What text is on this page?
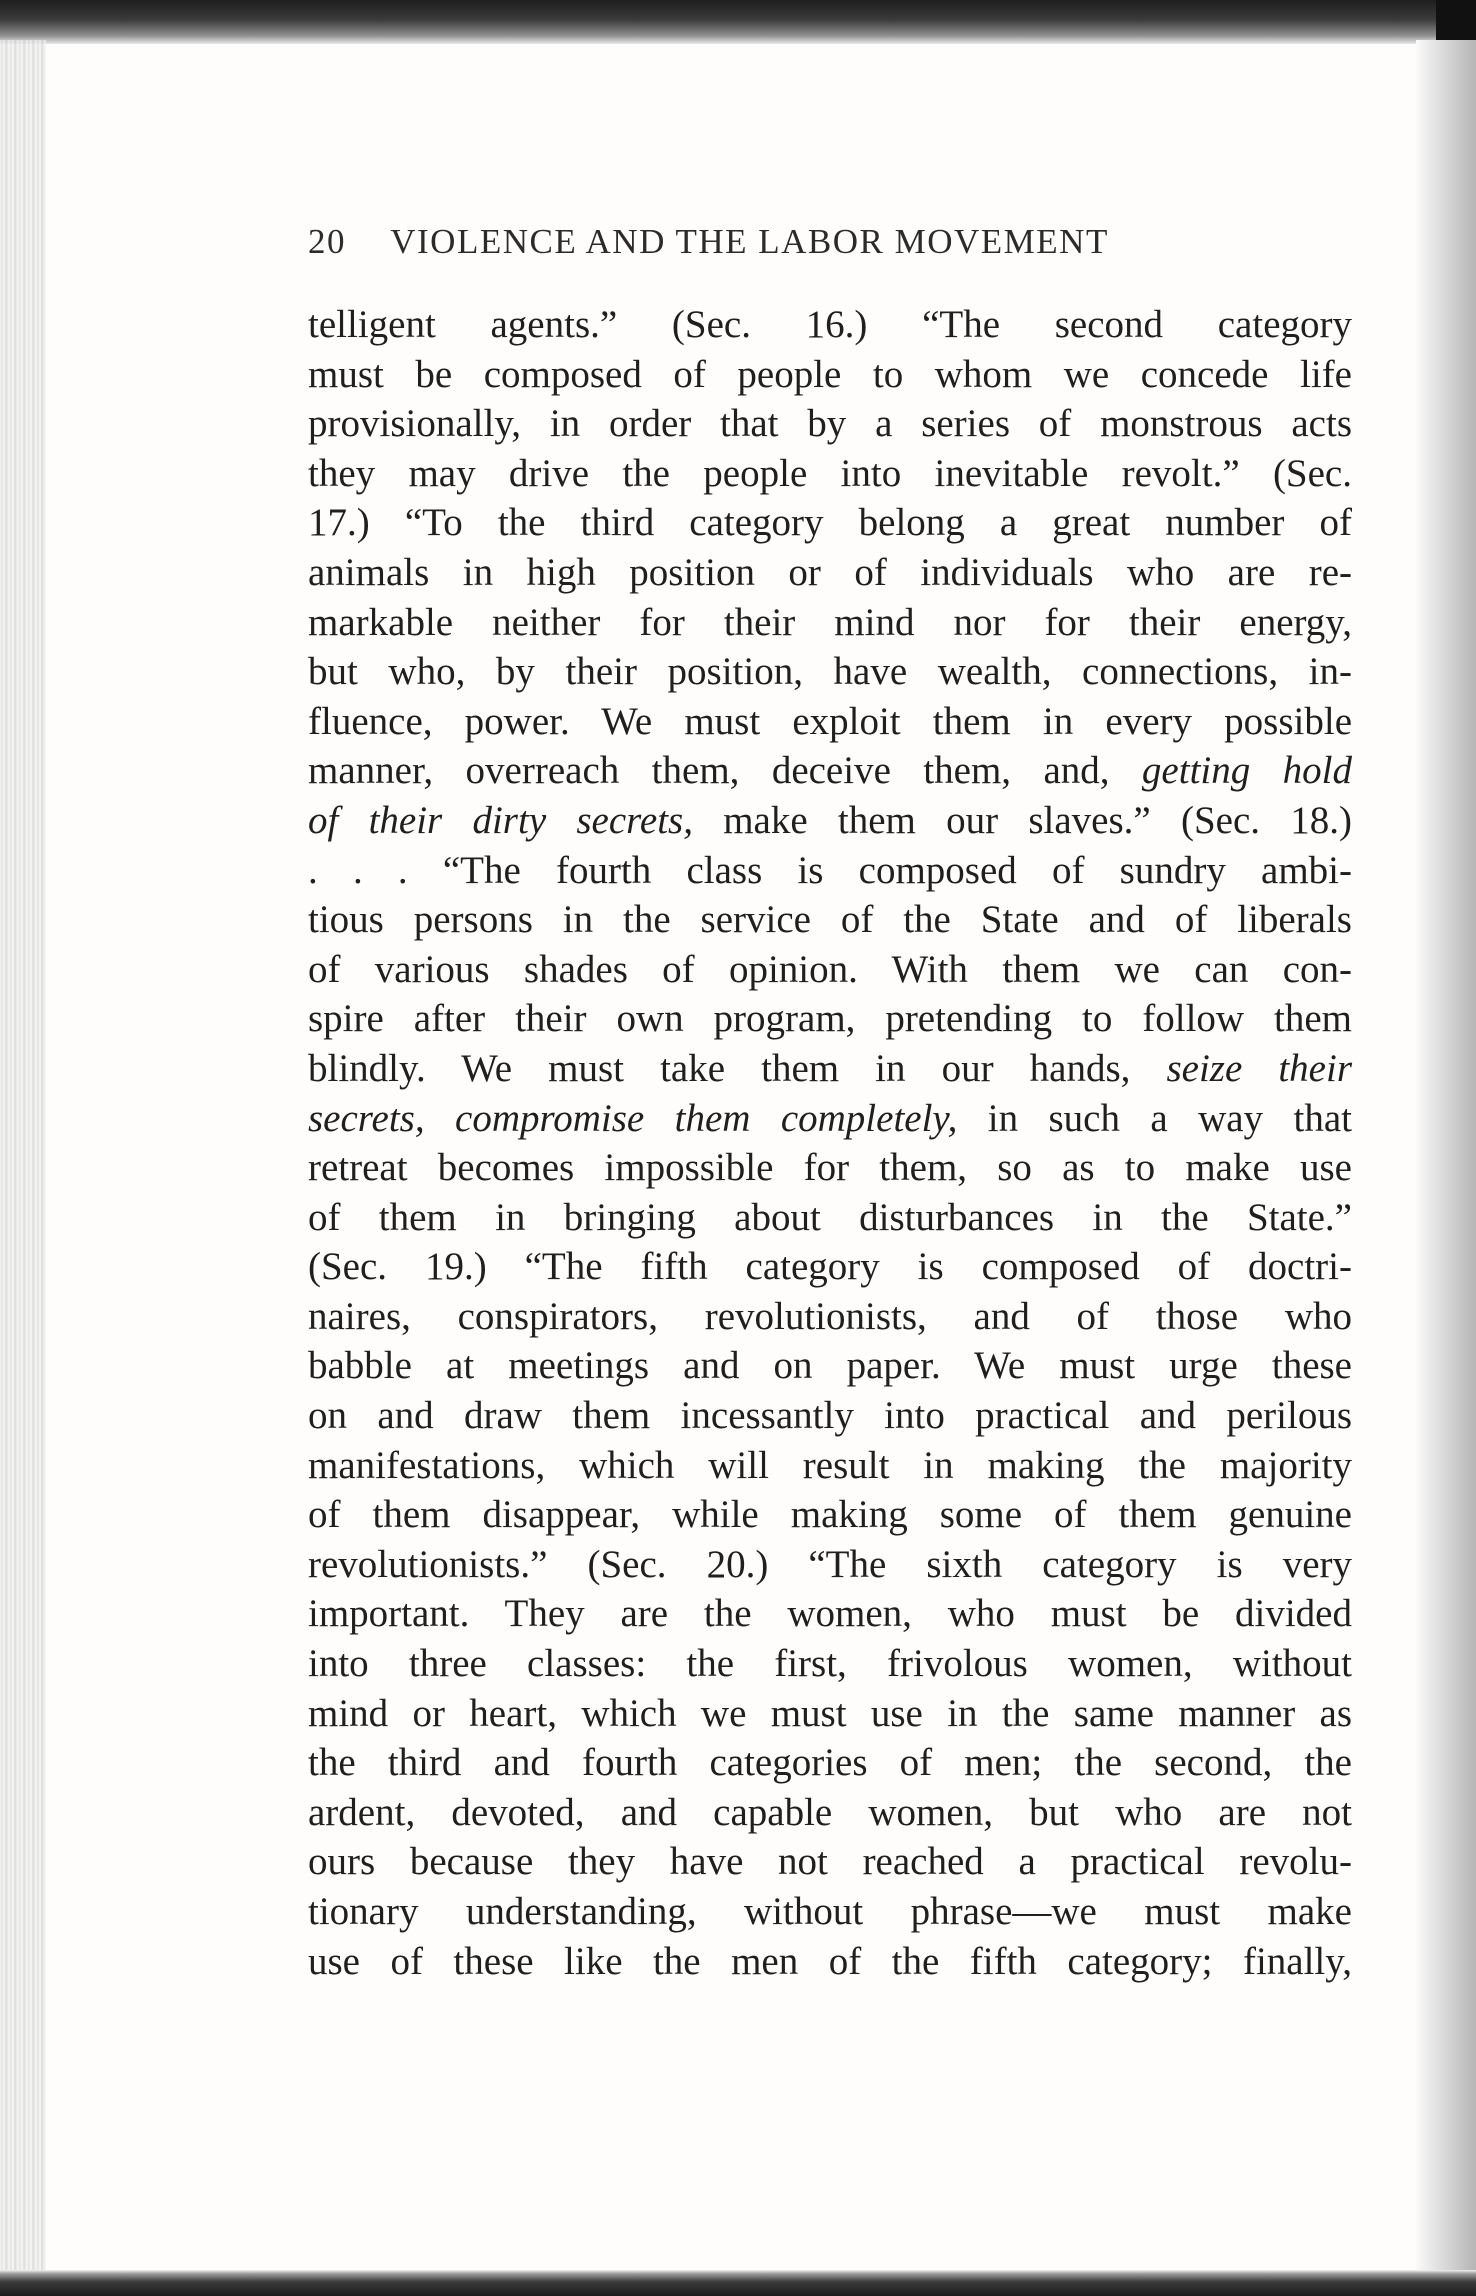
20 VIOLENCE AND THE LABOR MOVEMENT
telligent agents.” (Sec. 16.) “The second category
must be composed of people to whom we concede life
provisionally, in order that by a series of monstrous acts
they may drive the people into inevitable revolt.” (Sec.
17.) “To the third category belong a great number of
animals in high position or of individuals who are re-
markable neither for their mind nor for their energy,
but who, by their position, have wealth, connections, in-
fluence, power. We must exploit them in every possible
manner, overreach them, deceive them, and, getting hold
of their dirty secrets, make them our slaves.” (Sec. 18.)
. . . “The fourth class is composed of sundry ambi-
tious persons in the service of the State and of liberals
of various shades of opinion. With them we can con-
spire after their own program, pretending to follow them
blindly. We must take them in our hands, seize their
secrets, compromise them completely, in such a way that
retreat becomes impossible for them, so as to make use
of them in bringing about disturbances in the State.”
(Sec. 19.) “The fifth category is composed of doctri-
naires, conspirators, revolutionists, and of those who
babble at meetings and on paper. We must urge these
on and draw them incessantly into practical and perilous
manifestations, which will result in making the majority
of them disappear, while making some of them genuine
revolutionists.” (Sec. 20.) “The sixth category is very
important. They are the women, who must be divided
into three classes: the first, frivolous women, without
mind or heart, which we must use in the same manner as
the third and fourth categories of men; the second, the
ardent, devoted, and capable women, but who are not
ours because they have not reached a practical revolu-
tionary understanding, without phrase—we must make
use of these like the men of the fifth category; finally,
